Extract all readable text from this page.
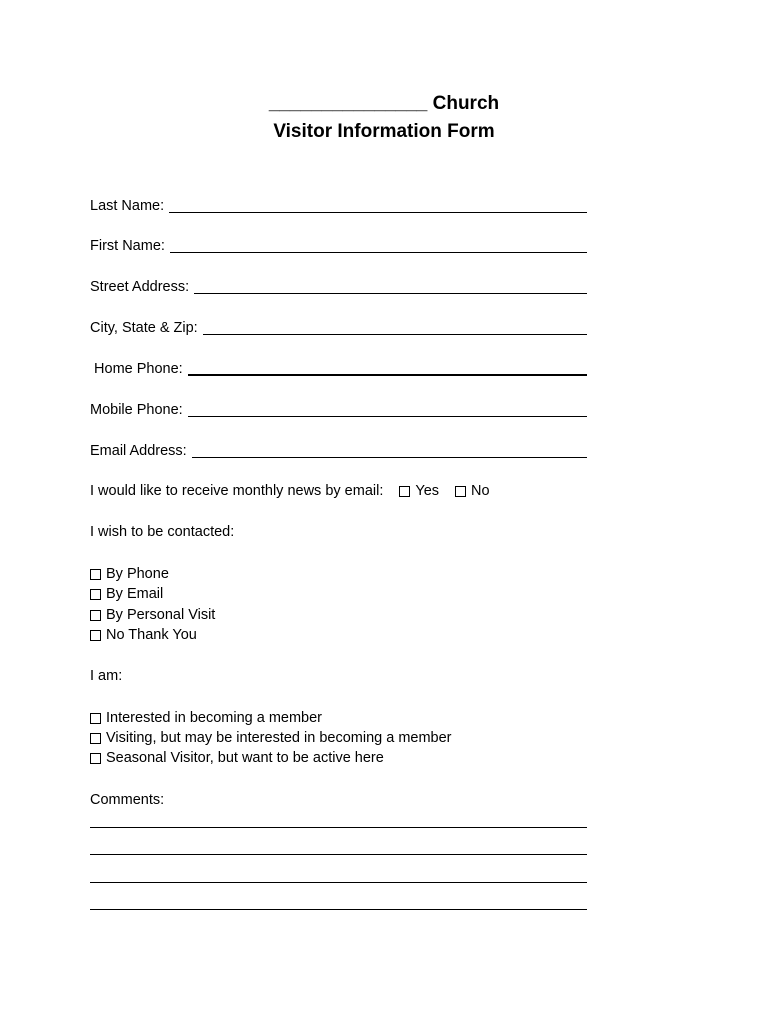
_______________ Church
Visitor Information Form
Last Name:
First Name:
Street Address:
City, State & Zip:
Home Phone:
Mobile Phone:
Email Address:
I would like to receive monthly news by email: Yes No
I wish to be contacted:
By Phone
By Email
By Personal Visit
No Thank You
I am:
Interested in becoming a member
Visiting, but may be interested in becoming a member
Seasonal Visitor, but want to be active here
Comments:
